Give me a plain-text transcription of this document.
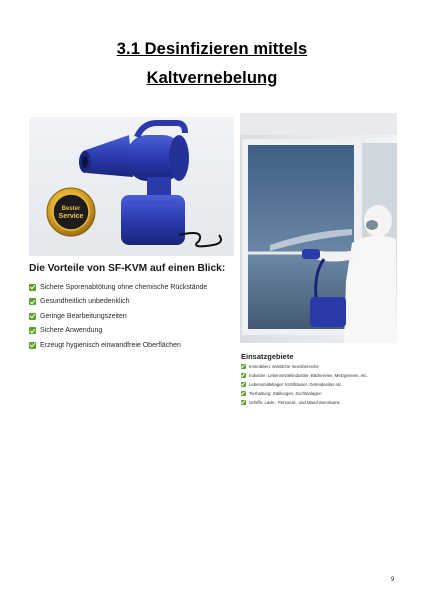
3.1 Desinfizieren mittels
Kaltvernebelung
Bester
Service
Die Vorteile von SF-KVM auf einen Blick:
Sichere Sporenabtötung ohne chemische Rückstände
Gesundheitlich unbedenklich
Geringe Bearbeitungszeiten
Sichere Anwendung
Erzeugt hygienisch einwandfreie Oberflächen
Einsatzgebiete
Immobilien: sämtliche Innenbereiche
Industrie: Lebensmittelindustrie, Bäckereien, Metzgereien, etc.
Lebensmittellager: Kühlhäuser, Getreidesilos etc.
Tierhaltung: Stallungen, Zuchtanlagen
Schiffe: Lade-, Personal-, und Maschinenräume
9
